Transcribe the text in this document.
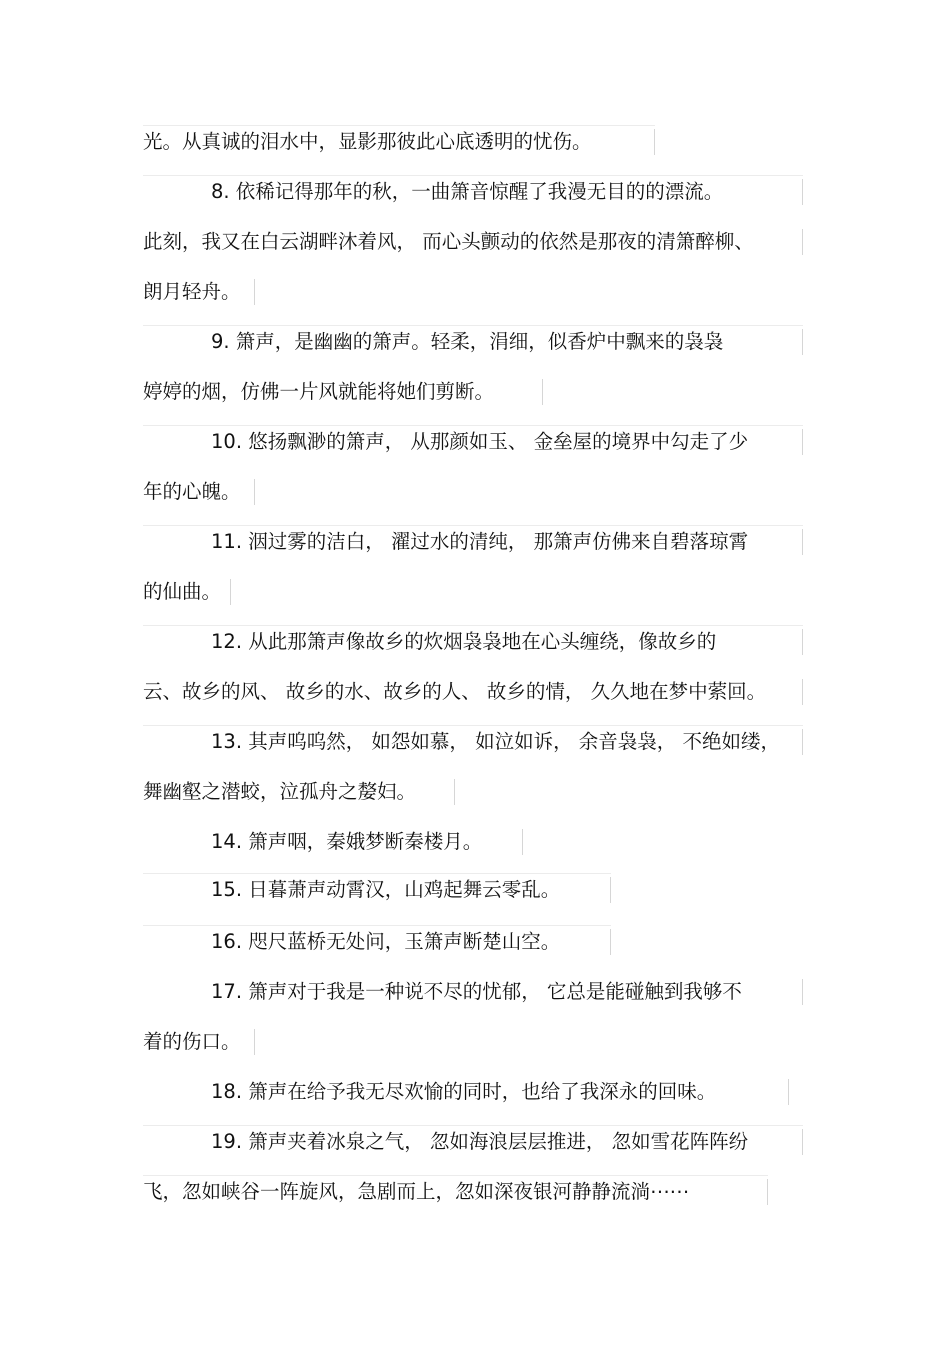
光。从真诚的泪水中，显影那彼此心底透明的忧伤。
8. 依稀记得那年的秋，一曲箫音惊醒了我漫无目的的漂流。
此刻，我又在白云湖畔沐着风， 而心头颤动的依然是那夜的清箫醉柳、
朗月轻舟。
9. 箫声，是幽幽的箫声。轻柔，涓细，似香炉中飘来的袅袅
婷婷的烟，仿佛一片风就能将她们剪断。
10. 悠扬飘渺的箫声， 从那颜如玉、 金垒屋的境界中勾走了少
年的心魄。
11. 洇过雾的洁白， 濯过水的清纯， 那箫声仿佛来自碧落琼霄
的仙曲。
12. 从此那箫声像故乡的炊烟袅袅地在心头缠绕，像故乡的
云、故乡的风、 故乡的水、故乡的人、 故乡的情， 久久地在梦中萦回。
13. 其声呜呜然， 如怨如慕， 如泣如诉， 余音袅袅， 不绝如缕，
舞幽壑之潜蛟，泣孤舟之嫠妇。
14. 箫声咽，秦娥梦断秦楼月。
15. 日暮萧声动霄汉，山鸡起舞云零乱。
16. 咫尺蓝桥无处问，玉箫声断楚山空。
17. 箫声对于我是一种说不尽的忧郁， 它总是能碰触到我够不
着的伤口。
18. 箫声在给予我无尽欢愉的同时，也给了我深永的回味。
19. 箫声夹着冰泉之气， 忽如海浪层层推进， 忽如雪花阵阵纷
飞，忽如峡谷一阵旋风，急剧而上，忽如深夜银河静静流淌⋯⋯
